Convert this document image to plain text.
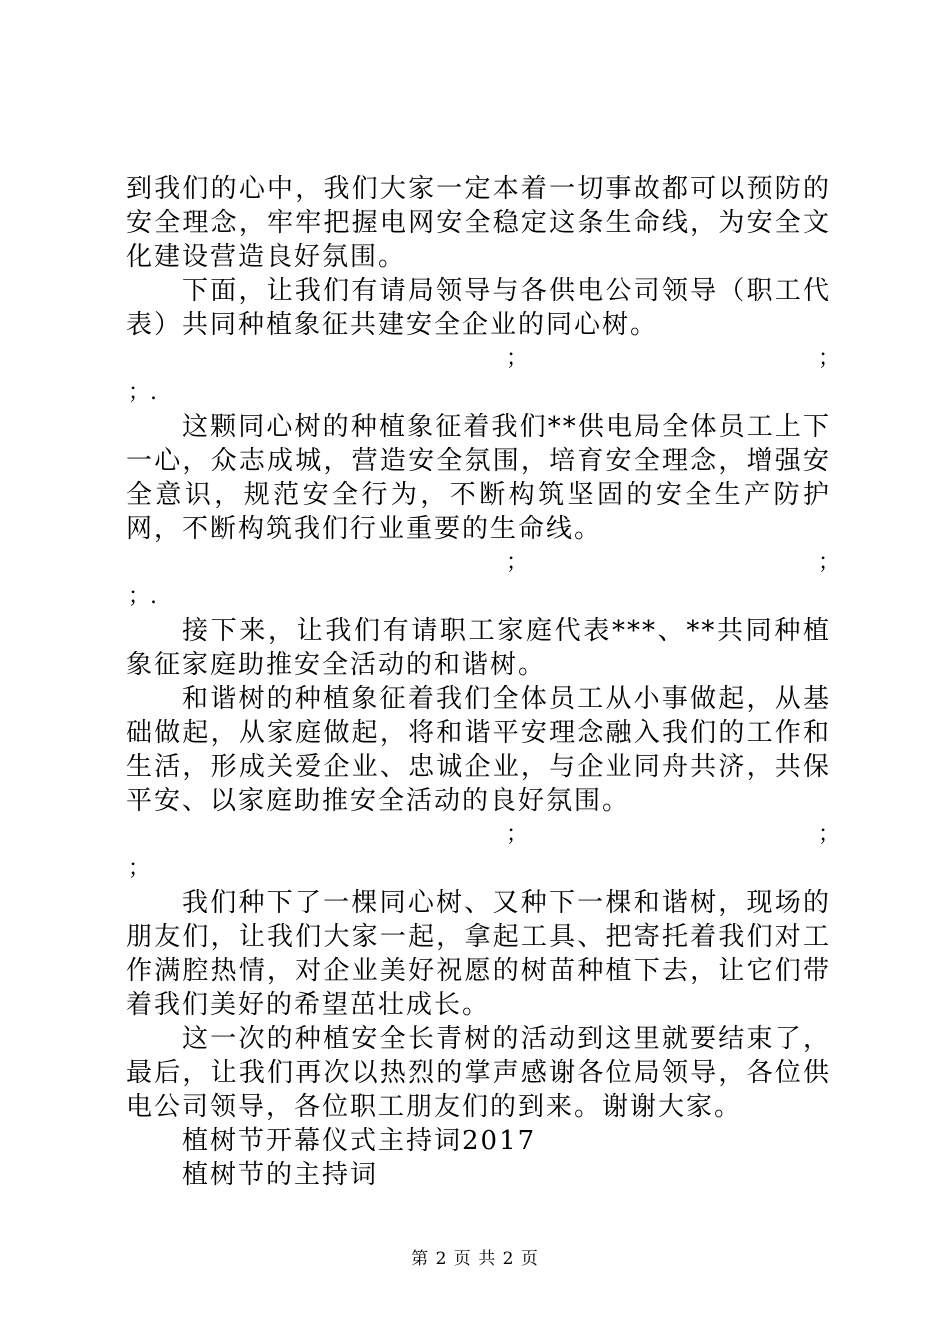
到我们的心中，我们大家一定本着一切事故都可以预防的安全理念，牢牢把握电网安全稳定这条生命线，为安全文化建设营造良好氛围。

下面，让我们有请局领导与各供电公司领导（职工代表）共同种植象征共建安全企业的同心树。

；	；
；.

这颗同心树的种植象征着我们**供电局全体员工上下一心，众志成城，营造安全氛围，培育安全理念，增强安全意识，规范安全行为，不断构筑坚固的安全生产防护网，不断构筑我们行业重要的生命线。

；	；
；.

接下来，让我们有请职工家庭代表***、**共同种植象征家庭助推安全活动的和谐树。

和谐树的种植象征着我们全体员工从小事做起，从基础做起，从家庭做起，将和谐平安理念融入我们的工作和生活，形成关爱企业、忠诚企业，与企业同舟共济，共保平安、以家庭助推安全活动的良好氛围。

；	；
；

我们种下了一棵同心树、又种下一棵和谐树，现场的朋友们，让我们大家一起，拿起工具、把寄托着我们对工作满腔热情，对企业美好祝愿的树苗种植下去，让它们带着我们美好的希望茁壮成长。

这一次的种植安全长青树的活动到这里就要结束了，最后，让我们再次以热烈的掌声感谢各位局领导，各位供电公司领导，各位职工朋友们的到来。谢谢大家。

植树节开幕仪式主持词2017

植树节的主持词

第 2 页 共 2 页
